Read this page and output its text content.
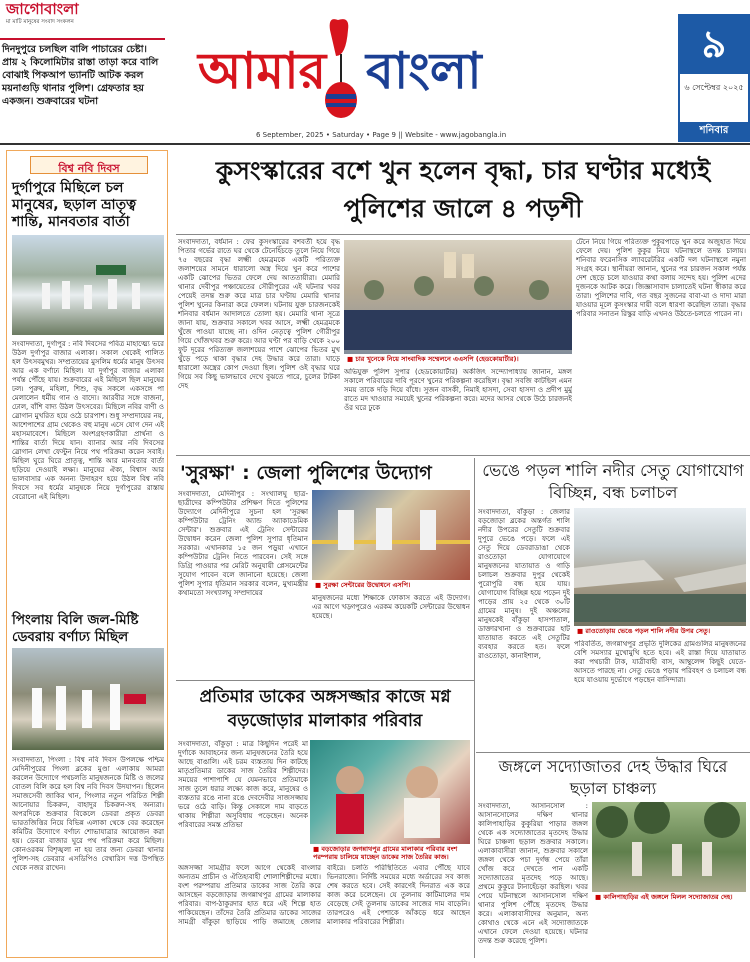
জাগোবাংলা
মা মাটি মানুষের সংবাদ সংকলন
দিনদুপুরে চলছিল বালি পাচারের চেষ্টা। প্রায় ২ কিলোমিটার রাস্তা তাড়া করে বালি বোঝাই পিকআপ ভ্যানটি আটক করল ময়নাগুড়ি থানার পুলিশ। গ্রেফতার হয় একজন। শুক্রবারের ঘটনা
আমার বাংলা
6 September, 2025 • Saturday • Page 9 || Website - www.jagobangla.in
৯
৬ সেপ্টেম্বর ২০২৫
শনিবার
বিশ্ব নবি দিবস
দুর্গাপুরে মিছিলে চল মানুষের, ছড়াল ভ্রাতৃত্ব শান্তি, মানবতার বার্তা
সংবাদদাতা, দুর্গাপুর : নবি দিবসের পবিত্র মাহাত্ম্যে ভরে উঠল দুর্গাপুর বাজার এলাকা। সকাল থেকেই পালিত হল উৎসবমুখর। সম্প্রতায়ের মুসলিম ধর্মের মানুষ উৎসব আর এক বর্ণাঢ্য মিছিল। যা দুর্গাপুর বাজার এলাকা পর্যন্ত পৌঁছে যায়। শুক্রবারের এই মিছিলে ছিল মানুষের ঢল। পুরুষ, মহিলা, শিশু, বৃদ্ধ সকলে একসঙ্গে পা মেলালেন ধর্মীয় গান ও বাদ্যে। আরবীর সঙ্গে বাজনা, ঢোল, বাঁশি বাদ্য উঠল উৎসবের। মিছিলে নবির বাণী ও স্লোগান মুখরিত হয়ে ওঠে চারপাশ। শুধু সম্প্রদায়ের নয়, আশেপাশের গ্রাম থেকেও বহু মানুষ এসে যোগ দেন এই মহাসমাবেশে। মিছিলে অংশগ্রহণকারীরা প্রার্থনা ও শান্তির বার্তা দিয়ে যান। ব্যানার আর নবি দিবসের স্লোগান লেখা ফেস্টুন নিয়ে পথ পরিক্রমা করেন সবাই। মিছিল ঘুরে ঘিরে প্রাতৃত্ব, শান্তি আর মানবতার বার্তা ছড়িয়ে দেওয়াই লক্ষ্য। মানুষের ঐক্য, বিশ্বাস আর ভালবাসার এক অনন্য উদাহরণ হয়ে উঠল বিশ্ব নবি দিবসে সব ধর্মের মানুষকে নিয়ে দুর্গাপুরের রাস্তায় বেরোনো এই মিছিল।
পিংলায় বিলি জল-মিষ্টি ডেবরায় বর্ণাঢ্য মিছিল
সংবাদদাতা, পিংলা : বিশ্ব নবি দিবস উপলক্ষে পশ্চিম মেদিনীপুরের পিংলা ব্লকের মুণ্ডা এলাকায় আমরা করলেন উদ্যোগে পথচলতি মানুষজনকে মিষ্টি ও জলের বোতল বিলি করে হল বিশ্ব নবি দিবস উদযাপন। ছিলেন সমাজসেবী জাকির খান, পিংলার নতুন পরিচিত শিল্পী আনোয়ার চিকরুন, বাহাদুর চিকরুন-সহ অন্যরা। অপরদিকে শুক্রবার বিকেলে ডেবরা প্রকৃত ডেবরা ভারতজিত্তির নিয়ে বিভিন্ন এলাকা থেকে বের করেছেন কমিটির উদ্যোগে বর্ণাঢ্য শোভাযাত্রার আয়োজন করা হয়। ডেবরা বাজার ঘুরে পথ পরিক্রমা করে মিছিল। কোনওরকম বিশৃঙ্খলা না হয় তার জন্য ডেবরা থানার পুলিশ-সহ ডেবরার এসডিপিও বেথারিস দত্ত উপস্থিত থেকে নজর রাখেন।
কুসংস্কারের বশে খুন হলেন বৃদ্ধা, চার ঘণ্টার মধ্যেই পুলিশের জালে ৪ পড়শী
সংবাদদাতা, বর্ধমান : ফের কুসংস্কারের বশবর্তী হয়ে বৃদ্ধ পিতার গর্ভের রাতে ঘর থেকে টেনেহিঁচড়ে তুলে নিয়ে গিয়ে ৭৫ বছরের বৃদ্ধা লক্ষ্মী হেমব্রমকে একটি পরিত্যক্ত জলাশয়ের সামনে ধারালো অস্ত্র দিয়ে খুন করে পাশের একটি ঝোপের ভিতর ফেলে দেয় আততায়ীরা। মেমারি থানার দেবীপুর পঞ্চায়েতের সৌরীপুরের এই ঘটনার খবর পেয়েই তদন্ত শুরু করে মাত্র চার ঘণ্টায় মেমারি থানার পুলিশ খুনের কিনারা করে ফেলল। ঘটনায় যুক্ত চারজনকেই শনিবার বর্ধমান আদালতে তোলা হয়। মেমারি থানা সূত্রে জানা যায়, শুক্রবার সকালে খবর আসে, লক্ষ্মী হেমব্রমকে খুঁজে পাওয়া যাচ্ছে না। ওদিন নেতৃত্বে পুলিশ গৌরীপুর গিয়ে খোঁজখবর শুরু করে। আর ঘণ্টা পর বাড়ি থেকে ২০০ ফুট দূরের পরিত্যক্ত জলাশয়ের পাশে ঝোপের ভিতর মুখ থুঁড়ে পড়ে থাকা বৃদ্ধার দেহ উদ্ধার করে তারা। ঘাড়ে ধারালো অস্ত্রের কোপ দেওয়া ছিল। পুলিশ ওই বৃদ্ধার ঘরে গিয়ে সব কিছু ভালভাবে দেখে বুঝতে পারে, চুলের টাটকা দেহ
■ চার খুনেকে নিয়ে সাংবাদিক সম্মেলনে এএসপি (হেডকোয়ার্টার)।
টেনে নিয়ে গিয়ে পরিত্যক্ত পুকুরপাড়ে খুন করে অজুহাত দিয়ে ফেলে দেয়। পুলিশ কুকুর নিয়ে ঘটনাস্থলে তদন্ত চালায়। শনিবার ফরেনসিক ল্যাবরেটরির একটি দল ঘটনাস্থলে নমুনা সংগ্রহ করে। স্থানীয়রা জানান, খুনের পর চারজন সকাল পর্যন্ত দেশ ছেড়ে চলে যাওয়ার কথা বলায় সন্দেহ হয়। পুলিশ এদের দুজনকে আটক করে। জিজ্ঞাসাবাদ চালাতেই ঘটনা স্বীকার করে তারা। পুলিশের দাবি, গত বছর সুজনের বাবা-মা ও দাদা মারা যাওয়ার মূলে কুসংস্কার দায়ী বলে ধারণা করেছিল তারা। বৃদ্ধার পরিবার সনাতন রিস্কুর বাড়ি এখনও উঠতে-চলতে পারেন না।
অভিযুক্ত পুলিশ সুপার (হেডকোয়ার্টার) অর্কজিৎ সন্দ্যোপাধ্যায় জানান, মঙ্গল সকালে পরিবারের দাবি পূরণে খুনের পরিকল্পনা করেছিল। বৃদ্ধা সবজি কাটছিল এমন সময় তাকে দড়ি দিয়ে বাঁধে। সুজন বাসকী, নিমাই হাসদা, সেবা হাসদা ও প্রদীপ মুর্মু রাতে মদ খাওয়ার সময়েই খুনের পরিকল্পনা করে। মদের আসর থেকে উঠে চারজনই ওঁর ঘরে ঢুকে
'সুরক্ষা' : জেলা পুলিশের উদ্যোগ
সংবাদদাতা, মেদিনীপুর : সংখ্যালঘু ছাত্র-ছাত্রীদের কম্পিউটার প্রশিক্ষণ দিতে পুলিশের উদ্যোগে মেদিনীপুরে সুচনা হল 'সুরক্ষা কম্পিউটার ট্রেনিং অ্যান্ড অ্যাকাডেমিক সেন্টার'। শুক্রবার এই ট্রেনিং সেন্টারের উদ্বোধন করেন জেলা পুলিশ সুপার ধৃতিমান সরকার। এখানকার ১৫ জন পড়ুয়া এখানে কম্পিউটার ট্রেনিং নিতে পারবেন। সেই সঙ্গে ডিগ্রি পাওয়ার পর মেরিট অনুযায়ী প্লেসমেন্টের সুযোগ পাবেন বলে জানানো হয়েছে। জেলা পুলিশ সুপার ধৃতিমান সরকার বলেন, মুখ্যমন্ত্রীর কথামতো সংখ্যালঘু সম্প্রদায়ের
■ সুরক্ষা সেন্টারের উদ্বোধনে এসপি।
মানুষজনের মধ্যে শিক্ষাকে ফোকাস করতে এই উদ্যোগ। এর আগে খড়্গপুরেও এরকম কয়েকটি সেন্টারের উদ্বোধন হয়েছে।
ভেঙে পড়ল শালি নদীর সেতু যোগাযোগ বিচ্ছিন্ন, বন্ধ চলাচল
সংবাদদাতা, বাঁকুড়া : জেলার বড়জোড়া ব্লকের অন্তর্গত শালি নদীর উপরের সেতুটি শুক্রবার দুপুরে ভেঙে পড়ে। ফলে এই সেতু দিয়ে ডেবরাডাঙা থেকে রাওতোড়া যোগাযোগে মানুষজনের যাতায়াত ও গাড়ি চলাচল শুক্রবার দুপুর থেকেই পুরোপুরি বন্ধ হয়ে যায়। যোগাযোগ বিচ্ছিন্ন হয়ে পড়েন দুই পাড়ের প্রায় ২৫ থেকে ৩০টি গ্রামের মানুষ। দুই অঞ্চলের মানুষকেই বাঁকুড়া হাসপাতাল, ডাক্তারখানা ও শুক্রবারের হাট যাতায়াত করতে এই সেতুটির ব্যবহার করতে হত। ফলে রাওতোড়া, কানাইশাল,
■ রাওতোড়ায় ভেঙে পড়ল শালি নদীর উপর সেতু।
পরিবর্তিত, জগন্নাথপুর প্রভৃতি দুলিকের গ্রামগুলির মানুষজনের বেশি সমস্যার মুখোমুখি হতে হবে। এই রাস্তা দিয়ে যাতায়াত করা পথচারী টাক, যাত্রীবাহী বাস, আম্বুলেন্স কিছুই যেতে-আসতে পারছে না। সেতু ভেঙে পড়ায় পরিবহণ ও চলাচল বন্ধ হয়ে যাওয়ায় দুর্ভোগে পড়ছেন বাসিন্দারা।
প্রতিমার ডাকের অঙ্গসজ্জার কাজে মগ্ন বড়জোড়ার মালাকার পরিবার
সংবাদদাতা, বাঁকুড়া : মাত্র কিছুদিন পরেই মা দুর্গাকে আবাহনের জন্য মানুষজনের তৈরি হয়ে আছে বাঙালি। এই চরম ব্যস্ততায় দিন কাটছে মাতৃপ্রতিমার ডাকের সাজ তৈরির শিল্পীদের। সময়ের পাশাপাশি যে যেমনভাবে প্রতিমাকে সাজ তুলে ধরার লক্ষ্যে কাজ করে, মানুষের ও ব্যস্ততার রঙে নানা রঙে দেবদেবীর সাজসজ্জায় ভরে ওঠে বাড়ি। কিন্তু সেকালে দাম বাড়তে থাকায় শিল্পীরা অসুবিধায় পড়েছেন। অনেক পরিবারের সমস্ত প্রতিভা
■ বড়জোড়ার জগন্নাথপুর গ্রামের মালাকার পরিবার বংশ পরম্পরায় চালিয়ে যাচ্ছেন ডাকের সাজ তৈরির কাজ।
অঙ্গসজ্জা সামগ্রীর ফলে আগে থেকেই বাংলার অন্যতম প্রাচীন ও ঐতিহ্যবাহী শোলাশিল্পীদের মধ্যে। বংশ পরম্পরায় প্রতিমার ডাকের সাজ তৈরি করে আসছেন বড়জোড়ার জগন্নাথপুর গ্রামের মালাকার পরিবার। বাপ-ঠাকুরদার হাত ধরে এই শিল্পে হাত পাকিয়েছেন। তাঁদের তৈরি প্রতিমার ডাকের সাজের সামগ্রী বাঁকুড়া ছাড়িয়ে পাড়ি জমাচ্ছে জেলার বাইরে। চলতি পরিস্থিতিতে এবার পৌঁছে যাবে ভিনরাজ্যে। নির্দিষ্ট সময়ের মধ্যে অর্ডারের সব কাজ শেষ করতে হবে। সেই কারণেই দিনরাত এক করে কাজ করে চলেছেন। যে তুলনায় কাটিমালের দাম বেড়েছে সেই তুলনায় ডাকের সাজের দাম বাড়েনি। তারপরেও এই পেশাকে আঁকড়ে ধরে আছেন মালাকার পরিবারের শিল্পীরা।
জঙ্গলে সদ্যোজাতর দেহ উদ্ধার ঘিরে ছড়াল চাঞ্চল্য
সংবাদদাতা, আসানসোল : আসানসোলের দক্ষিণ থানার কালিপাহাড়ির কুকুরিয়া পাড়ার জঙ্গল থেকে এক সদ্যোজাতের মৃতদেহ উদ্ধার ঘিরে চাঞ্চল্য ছড়াল শুক্রবার সকালে। এলাকাবাসীরা জানান, শুক্রবার সকালে জঙ্গল থেকে পচা দুর্গন্ধ পেয়ে তাঁরা খোঁজ করে দেখতে পান একটি সদ্যোজাতের মৃতদেহ পড়ে আছে। প্রথমে কুকুরে টানাহেঁচড়া করছিল। খবর পেয়ে ঘটনাস্থলে আসানসোল দক্ষিণ থানার পুলিশ পৌঁছে মৃতদেহ উদ্ধার করে। এলাকাবাসীদের অনুমান, অন্য কোথাও থেকে এনে এই সদ্যোজাতকে এখানে ফেলে দেওয়া হয়েছে। ঘটনার তদন্ত শুরু করেছে পুলিশ।
■ কালিপাহাড়ির এই জঙ্গলে মিলল সদ্যোজাতর দেহ।
